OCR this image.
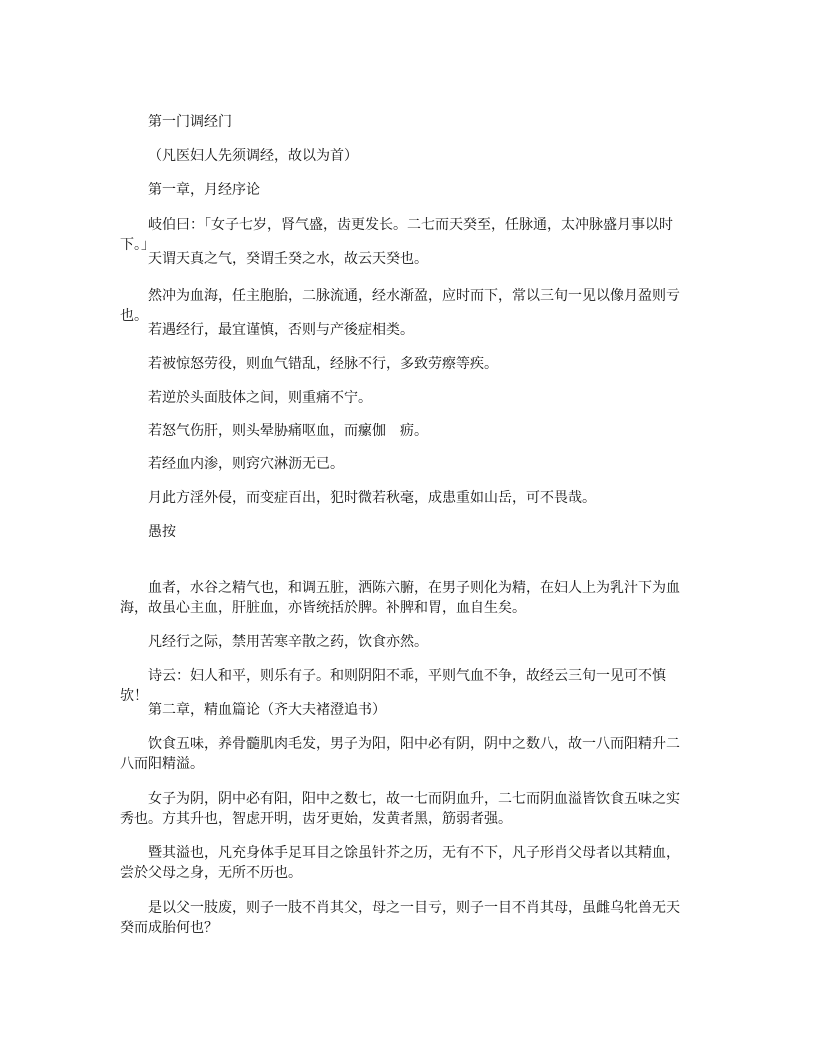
第一门调经门

（凡医妇人先须调经，故以为首）

第一章，月经序论

岐伯曰：「女子七岁，肾气盛，齿更发长。二七而天癸至，任脉通，太冲脉盛月事以时下。」

天谓天真之气，癸谓壬癸之水，故云天癸也。

然冲为血海，任主胞胎，二脉流通，经水渐盈，应时而下，常以三旬一见以像月盈则亏也。

若遇经行，最宜谨慎，否则与产後症相类。

若被惊怒劳役，则血气错乱，经脉不行，多致劳瘵等疾。

若逆於头面肢体之间，则重痛不宁。

若怒气伤肝，则头晕胁痛呕血，而瘰伽　疬。

若经血内渗，则窍穴淋沥无已。

月此方淫外侵，而变症百出，犯时微若秋毫，成患重如山岳，可不畏哉。

愚按

血者，水谷之精气也，和调五脏，洒陈六腑，在男子则化为精，在妇人上为乳汁下为血海，故虽心主血，肝脏血，亦皆统括於脾。补脾和胃，血自生矣。

凡经行之际，禁用苦寒辛散之药，饮食亦然。

诗云：妇人和平，则乐有子。和则阴阳不乖，平则气血不争，故经云三旬一见可不慎欤！

第二章，精血篇论（齐大夫褚澄追书）

饮食五味，养骨髓肌肉毛发，男子为阳，阳中必有阴，阴中之数八，故一八而阳精升二八而阳精溢。

女子为阴，阴中必有阳，阳中之数七，故一七而阴血升，二七而阴血溢皆饮食五味之实秀也。方其升也，智虑开明，齿牙更始，发黄者黑，筋弱者强。

暨其溢也，凡充身体手足耳目之馀虽针芥之历，无有不下，凡子形肖父母者以其精血，尝於父母之身，无所不历也。

是以父一肢废，则子一肢不肖其父，母之一目亏，则子一目不肖其母，虽雌乌牝兽无天癸而成胎何也？
